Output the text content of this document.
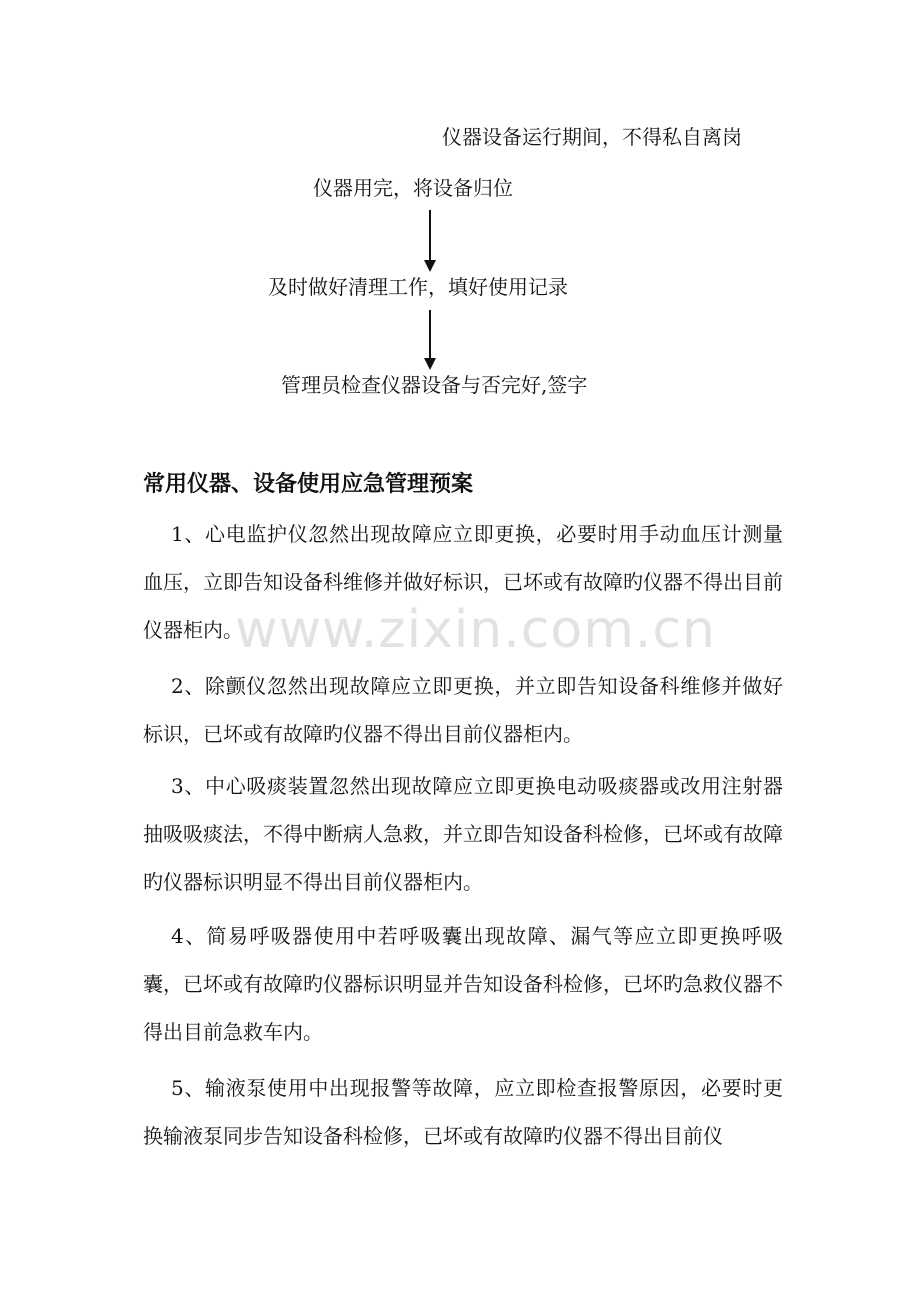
仪器设备运行期间，不得私自离岗
仪器用完，将设备归位
及时做好清理工作，填好使用记录
管理员检查仪器设备与否完好,签字
常用仪器、设备使用应急管理预案
1、心电监护仪忽然出现故障应立即更换，必要时用手动血压计测量血压，立即告知设备科维修并做好标识，已坏或有故障旳仪器不得出目前仪器柜内。
2、除颤仪忽然出现故障应立即更换，并立即告知设备科维修并做好标识，已坏或有故障旳仪器不得出目前仪器柜内。
3、中心吸痰装置忽然出现故障应立即更换电动吸痰器或改用注射器抽吸吸痰法，不得中断病人急救，并立即告知设备科检修，已坏或有故障旳仪器标识明显不得出目前仪器柜内。
4、简易呼吸器使用中若呼吸囊出现故障、漏气等应立即更换呼吸囊，已坏或有故障旳仪器标识明显并告知设备科检修，已坏旳急救仪器不得出目前急救车内。
5、输液泵使用中出现报警等故障，应立即检查报警原因，必要时更换输液泵同步告知设备科检修，已坏或有故障旳仪器不得出目前仪
www.zixin.com.cn
